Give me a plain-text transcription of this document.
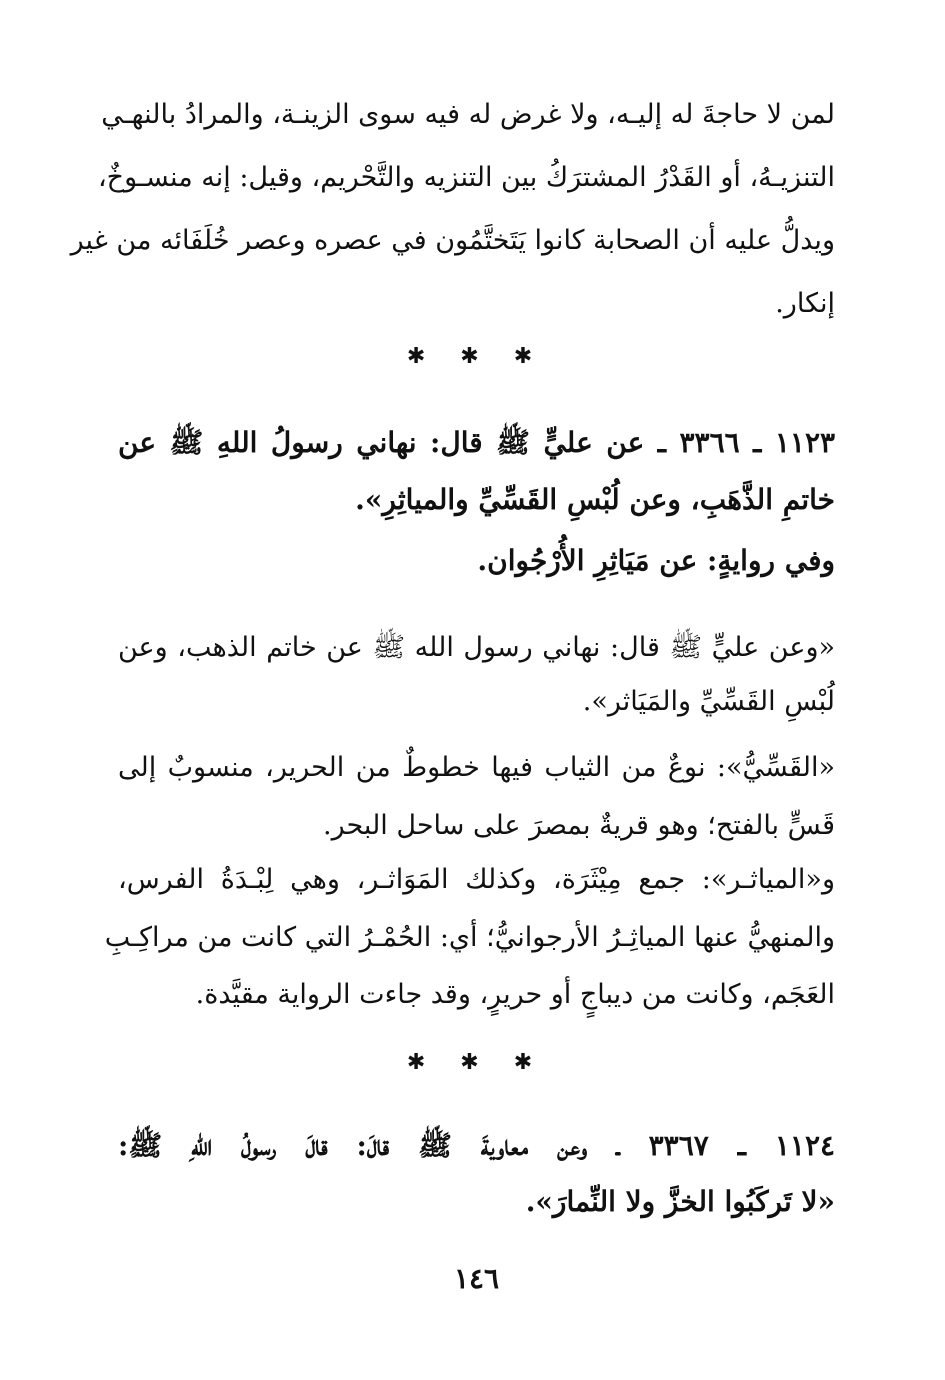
لمن لا حاجةَ له إليـه، ولا غرض له فيه سوى الزينـة، والمرادُ بالنهـي
التنزيـهُ، أو القَدْرُ المشترَكُ بين التنزيه والتَّحْريم، وقيل: إنه منسـوخٌ،
ويدلُّ عليه أن الصحابة كانوا يَتَختَّمُون في عصره وعصر خُلَفَائه من غير
إنكار.
✱ ✱ ✱
١١٢٣ ـ ٣٣٦٦ ـ عن عليٍّ ﷺ قال: نهاني رسولُ اللهِ ﷺ عن
خاتمِ الذَّهَبِ، وعن لُبْسِ القَسِّيِّ والمياثِرِ».
وفي روايةٍ: عن مَيَاثِرِ الأُرْجُوان.
«وعن عليٍّ ﷺ قال: نهاني رسول الله ﷺ عن خاتم الذهب، وعن
لُبْسِ القَسِّيِّ والمَيَاثر».
«القَسِّيُّ»: نوعٌ من الثياب فيها خطوطٌ من الحرير، منسوبٌ إلى
قَسٍّ بالفتح؛ وهو قريةٌ بمصرَ على ساحل البحر.
و«المياثـر»: جمع مِيْثَرَة، وكذلك المَوَاثـر، وهي لِبْـدَةُ الفرس،
والمنهيُّ عنها المياثِـرُ الأرجوانيُّ؛ أي: الحُمْـرُ التي كانت من مراكِـبِ
العَجَم، وكانت من ديباجٍ أو حريرٍ، وقد جاءت الرواية مقيَّدة.
✱ ✱ ✱
١١٢٤ ـ ٣٣٦٧ ـ وعن معاويةَ ﷺ قالَ: قالَ رسولُ اللهِ ﷺ:
«لا تَركَبُوا الخزَّ ولا النِّمارَ».
١٤٦
